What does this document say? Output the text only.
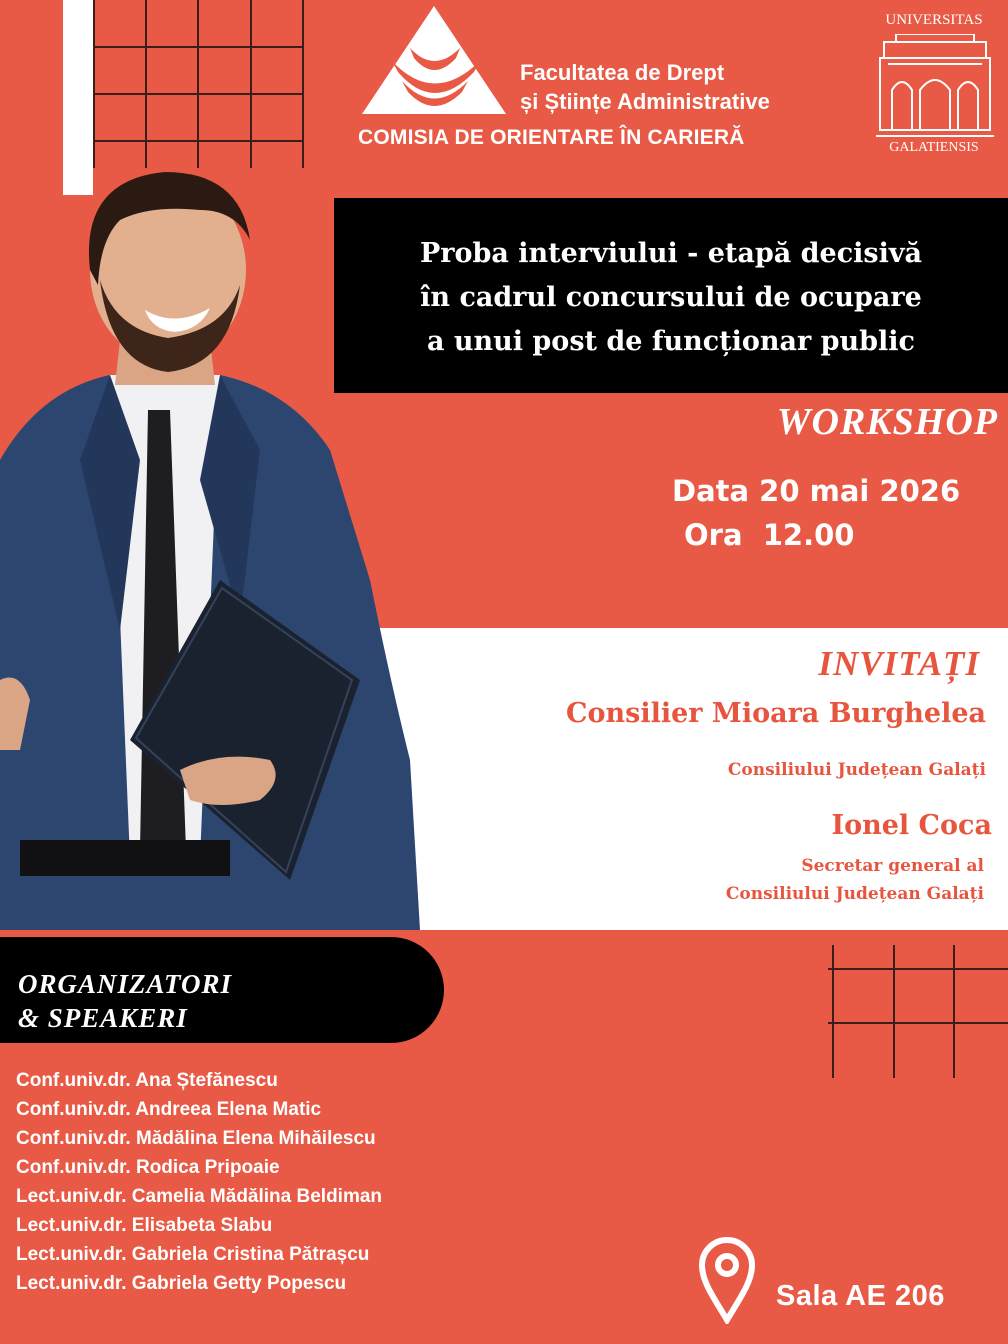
Facultatea de Drept
și Științe Administrative
COMISIA DE ORIENTARE ÎN CARIERĂ
UNIVERSITAS
GALATIENSIS
Proba interviului - etapă decisivă
în cadrul concursului de ocupare
a unui post de funcționar public
WORKSHOP
Data 20 mai 2026
Ora  12.00
INVITAȚI
Consilier Mioara Burghelea
Consiliului Județean Galați
Ionel Coca
Secretar general al
Consiliului Județean Galați
ORGANIZATORI
& SPEAKERI
Conf.univ.dr. Ana Ștefănescu
Conf.univ.dr. Andreea Elena Matic
Conf.univ.dr. Mădălina Elena Mihăilescu
Conf.univ.dr. Rodica Pripoaie
Lect.univ.dr. Camelia Mădălina Beldiman
Lect.univ.dr. Elisabeta Slabu
Lect.univ.dr. Gabriela Cristina Pătrașcu
Lect.univ.dr. Gabriela Getty Popescu	Sala AE 206
